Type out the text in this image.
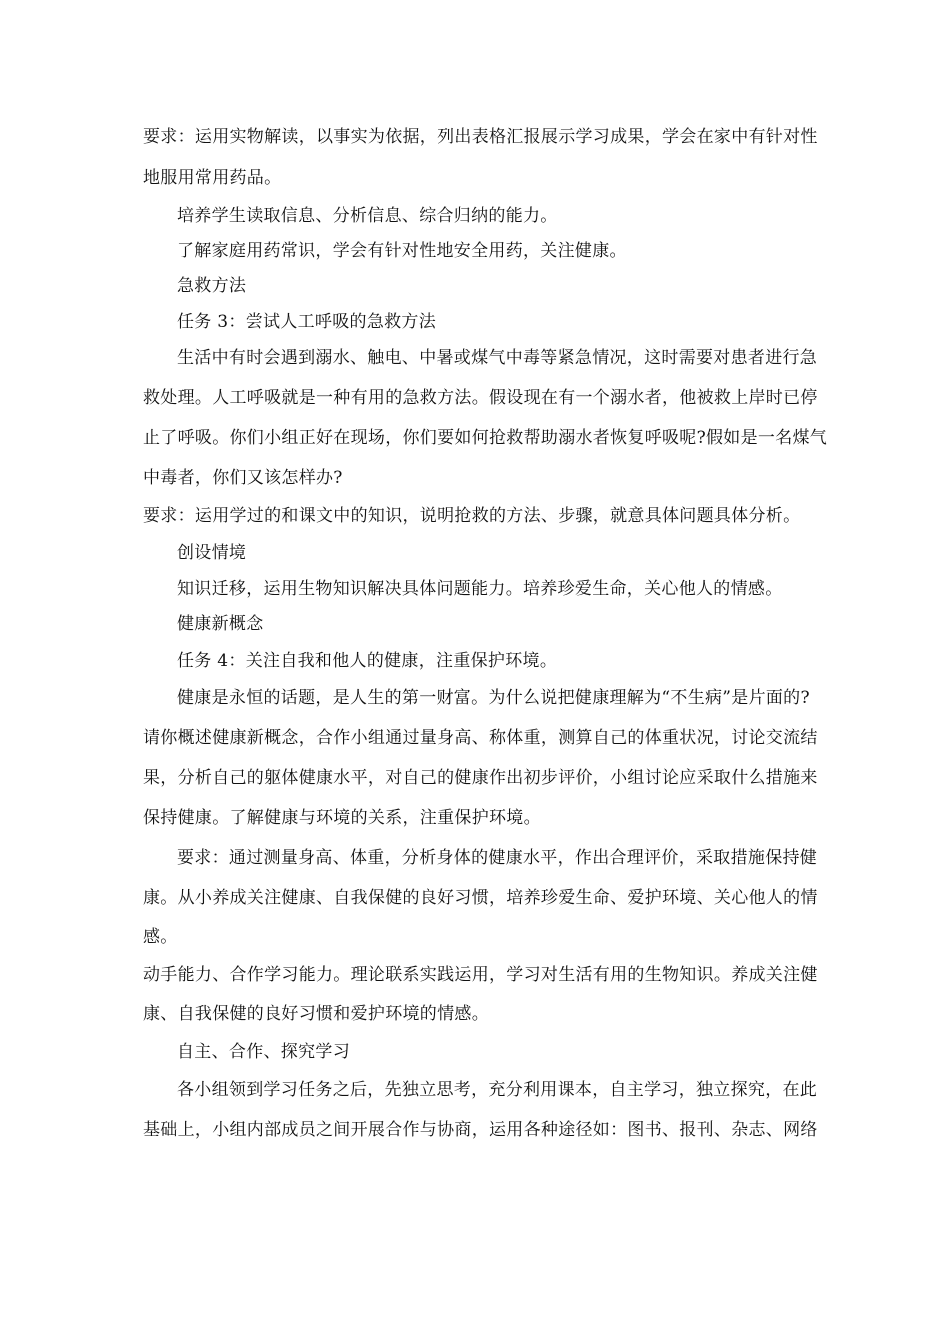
要求：运用实物解读，以事实为依据，列出表格汇报展示学习成果，学会在家中有针对性
地服用常用药品。
培养学生读取信息、分析信息、综合归纳的能力。
了解家庭用药常识，学会有针对性地安全用药，关注健康。
急救方法
任务 3：尝试人工呼吸的急救方法
生活中有时会遇到溺水、触电、中暑或煤气中毒等紧急情况，这时需要对患者进行急
救处理。人工呼吸就是一种有用的急救方法。假设现在有一个溺水者，他被救上岸时已停
止了呼吸。你们小组正好在现场，你们要如何抢救帮助溺水者恢复呼吸呢?假如是一名煤气
中毒者，你们又该怎样办?
要求：运用学过的和课文中的知识，说明抢救的方法、步骤，就意具体问题具体分析。
创设情境
知识迁移，运用生物知识解决具体问题能力。培养珍爱生命，关心他人的情感。
健康新概念
任务 4：关注自我和他人的健康，注重保护环境。
健康是永恒的话题，是人生的第一财富。为什么说把健康理解为“不生病”是片面的?
请你概述健康新概念，合作小组通过量身高、称体重，测算自己的体重状况，讨论交流结
果，分析自己的躯体健康水平，对自己的健康作出初步评价，小组讨论应采取什么措施来
保持健康。了解健康与环境的关系，注重保护环境。
要求：通过测量身高、体重，分析身体的健康水平，作出合理评价，采取措施保持健
康。从小养成关注健康、自我保健的良好习惯，培养珍爱生命、爱护环境、关心他人的情
感。
动手能力、合作学习能力。理论联系实践运用，学习对生活有用的生物知识。养成关注健
康、自我保健的良好习惯和爱护环境的情感。
自主、合作、探究学习
各小组领到学习任务之后，先独立思考，充分利用课本，自主学习，独立探究，在此
基础上，小组内部成员之间开展合作与协商，运用各种途径如：图书、报刊、杂志、网络
